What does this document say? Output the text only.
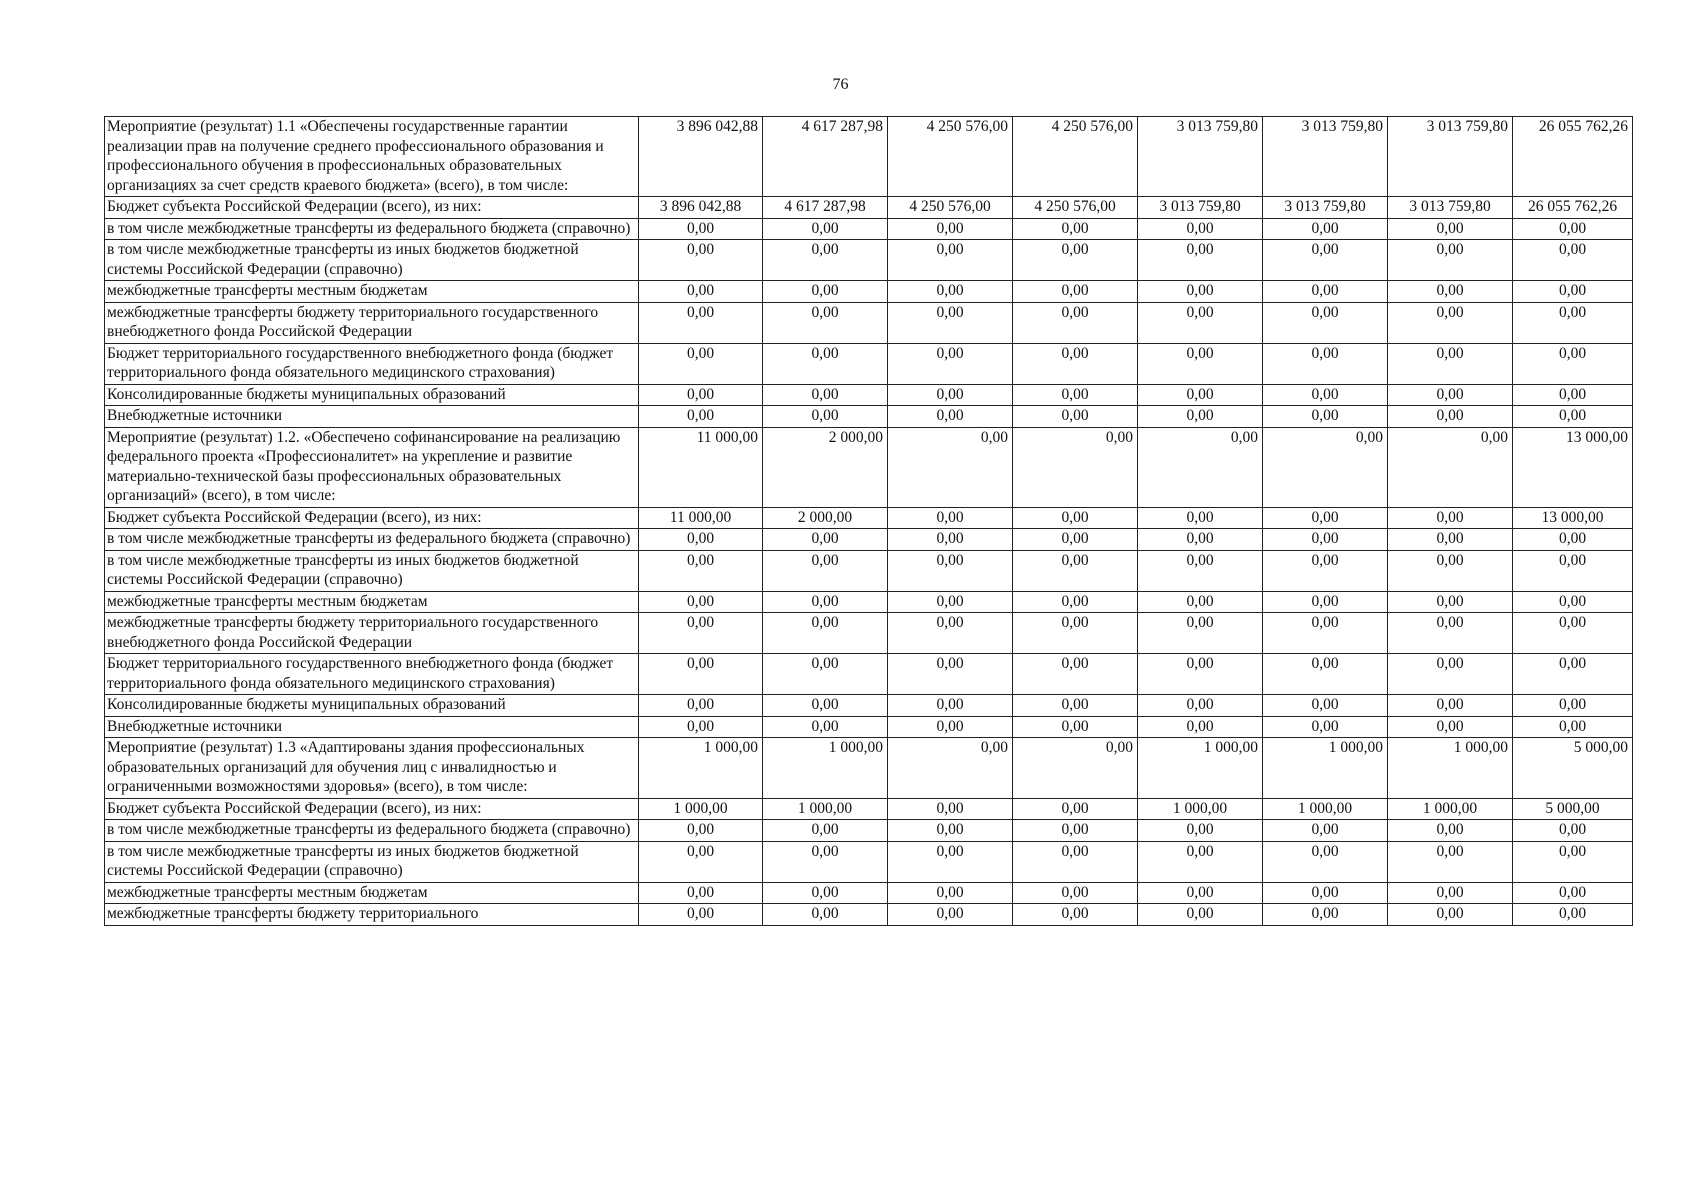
76
Мероприятие (результат) 1.1 «Обеспечены государственные гарантии реализации прав на получение среднего профессионального образования и профессионального обучения в профессиональных образовательных организациях за счет средств краевого бюджета» (всего), в том числе:	3 896 042,88	4 617 287,98	4 250 576,00	4 250 576,00	3 013 759,80	3 013 759,80	3 013 759,80	26 055 762,26
Бюджет субъекта Российской Федерации (всего), из них:	3 896 042,88	4 617 287,98	4 250 576,00	4 250 576,00	3 013 759,80	3 013 759,80	3 013 759,80	26 055 762,26
в том числе межбюджетные трансферты из федерального бюджета (справочно)	0,00	0,00	0,00	0,00	0,00	0,00	0,00	0,00
в том числе межбюджетные трансферты из иных бюджетов бюджетной системы Российской Федерации (справочно)	0,00	0,00	0,00	0,00	0,00	0,00	0,00	0,00
межбюджетные трансферты местным бюджетам	0,00	0,00	0,00	0,00	0,00	0,00	0,00	0,00
межбюджетные трансферты бюджету территориального государственного внебюджетного фонда Российской Федерации	0,00	0,00	0,00	0,00	0,00	0,00	0,00	0,00
Бюджет территориального государственного внебюджетного фонда (бюджет территориального фонда обязательного медицинского страхования)	0,00	0,00	0,00	0,00	0,00	0,00	0,00	0,00
Консолидированные бюджеты муниципальных образований	0,00	0,00	0,00	0,00	0,00	0,00	0,00	0,00
Внебюджетные источники	0,00	0,00	0,00	0,00	0,00	0,00	0,00	0,00
Мероприятие (результат) 1.2. «Обеспечено софинансирование на реализацию федерального проекта «Профессионалитет» на укрепление и развитие материально-технической базы профессиональных образовательных организаций» (всего), в том числе:	11 000,00	2 000,00	0,00	0,00	0,00	0,00	0,00	13 000,00
Бюджет субъекта Российской Федерации (всего), из них:	11 000,00	2 000,00	0,00	0,00	0,00	0,00	0,00	13 000,00
в том числе межбюджетные трансферты из федерального бюджета (справочно)	0,00	0,00	0,00	0,00	0,00	0,00	0,00	0,00
в том числе межбюджетные трансферты из иных бюджетов бюджетной системы Российской Федерации (справочно)	0,00	0,00	0,00	0,00	0,00	0,00	0,00	0,00
межбюджетные трансферты местным бюджетам	0,00	0,00	0,00	0,00	0,00	0,00	0,00	0,00
межбюджетные трансферты бюджету территориального государственного внебюджетного фонда Российской Федерации	0,00	0,00	0,00	0,00	0,00	0,00	0,00	0,00
Бюджет территориального государственного внебюджетного фонда (бюджет территориального фонда обязательного медицинского страхования)	0,00	0,00	0,00	0,00	0,00	0,00	0,00	0,00
Консолидированные бюджеты муниципальных образований	0,00	0,00	0,00	0,00	0,00	0,00	0,00	0,00
Внебюджетные источники	0,00	0,00	0,00	0,00	0,00	0,00	0,00	0,00
Мероприятие (результат) 1.3 «Адаптированы здания профессиональных образовательных организаций для обучения лиц с инвалидностью и ограниченными возможностями здоровья» (всего), в том числе:	1 000,00	1 000,00	0,00	0,00	1 000,00	1 000,00	1 000,00	5 000,00
Бюджет субъекта Российской Федерации (всего), из них:	1 000,00	1 000,00	0,00	0,00	1 000,00	1 000,00	1 000,00	5 000,00
в том числе межбюджетные трансферты из федерального бюджета (справочно)	0,00	0,00	0,00	0,00	0,00	0,00	0,00	0,00
в том числе межбюджетные трансферты из иных бюджетов бюджетной системы Российской Федерации (справочно)	0,00	0,00	0,00	0,00	0,00	0,00	0,00	0,00
межбюджетные трансферты местным бюджетам	0,00	0,00	0,00	0,00	0,00	0,00	0,00	0,00
межбюджетные трансферты бюджету территориального	0,00	0,00	0,00	0,00	0,00	0,00	0,00	0,00
